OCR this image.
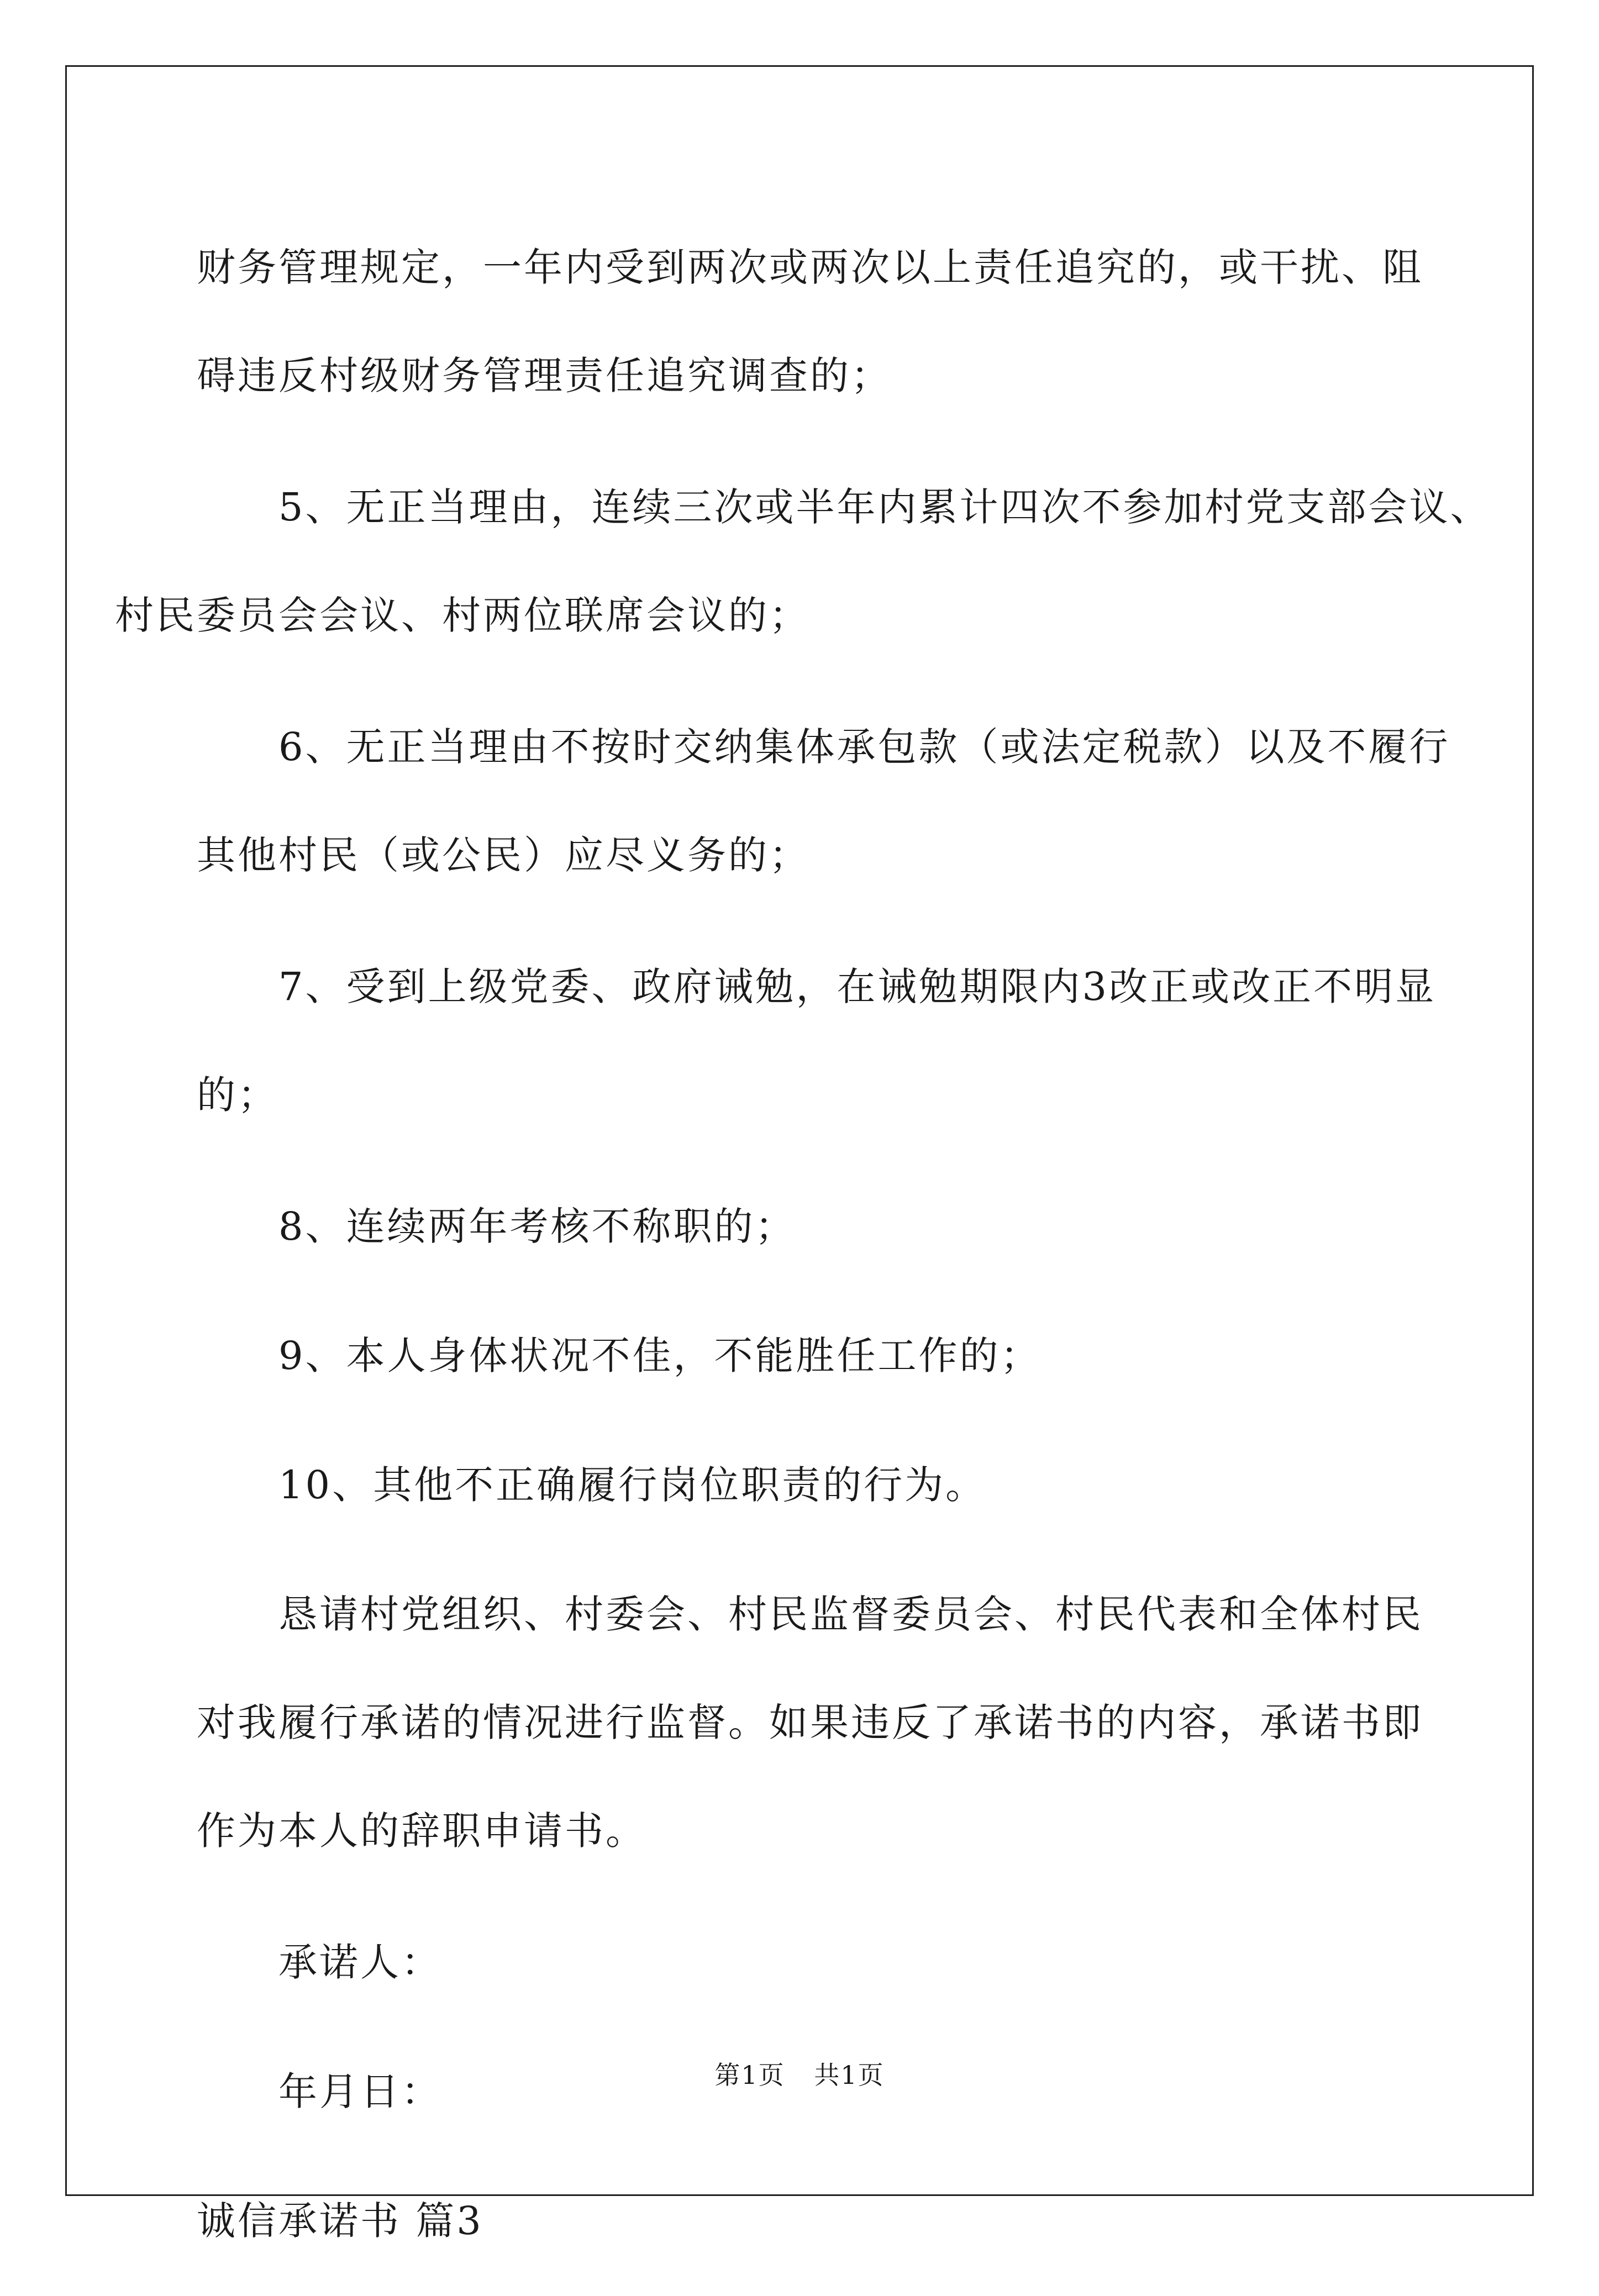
财务管理规定，一年内受到两次或两次以上责任追究的，或干扰、阻
碍违反村级财务管理责任追究调查的；

5、无正当理由，连续三次或半年内累计四次不参加村党支部会议、
村民委员会会议、村两位联席会议的；

6、无正当理由不按时交纳集体承包款（或法定税款）以及不履行
其他村民（或公民）应尽义务的；

7、受到上级党委、政府诫勉，在诫勉期限内3改正或改正不明显
的；

8、连续两年考核不称职的；

9、本人身体状况不佳，不能胜任工作的；

10、其他不正确履行岗位职责的行为。

恳请村党组织、村委会、村民监督委员会、村民代表和全体村民
对我履行承诺的情况进行监督。如果违反了承诺书的内容，承诺书即
作为本人的辞职申请书。

承诺人：

年月日：

诚信承诺书 篇3

第1页 共1页
